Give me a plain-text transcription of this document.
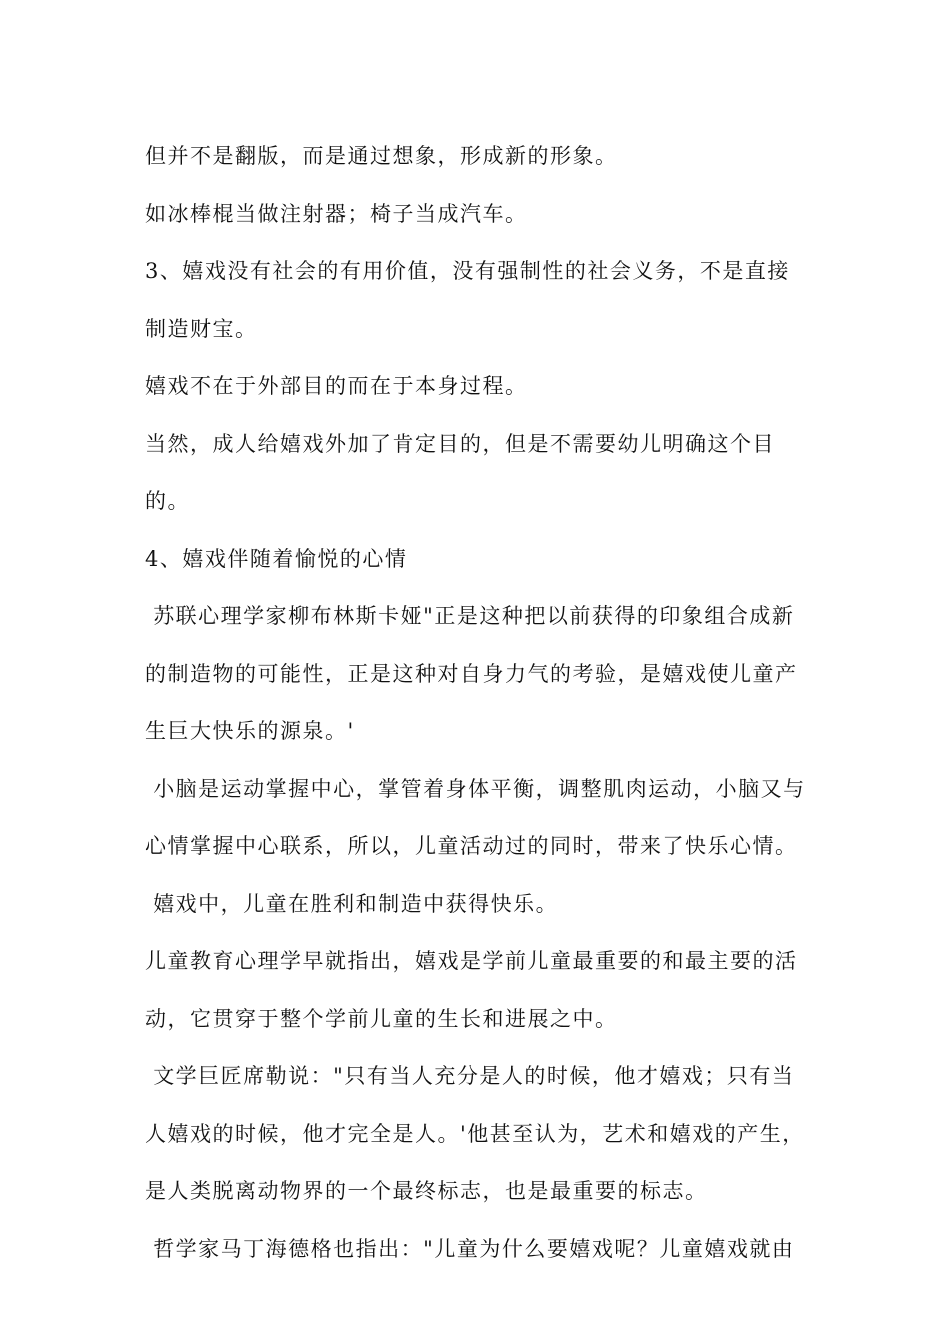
但并不是翻版，而是通过想象，形成新的形象。

如冰棒棍当做注射器；椅子当成汽车。

3、嬉戏没有社会的有用价值，没有强制性的社会义务，不是直接制造财宝。

嬉戏不在于外部目的而在于本身过程。

当然，成人给嬉戏外加了肯定目的，但是不需要幼儿明确这个目的。

4、嬉戏伴随着愉悦的心情

苏联心理学家柳布林斯卡娅"正是这种把以前获得的印象组合成新的制造物的可能性，正是这种对自身力气的考验，是嬉戏使儿童产生巨大快乐的源泉。'

小脑是运动掌握中心，掌管着身体平衡，调整肌肉运动，小脑又与心情掌握中心联系，所以，儿童活动过的同时，带来了快乐心情。

嬉戏中，儿童在胜利和制造中获得快乐。

儿童教育心理学早就指出，嬉戏是学前儿童最重要的和最主要的活动，它贯穿于整个学前儿童的生长和进展之中。

文学巨匠席勒说："只有当人充分是人的时候，他才嬉戏；只有当人嬉戏的时候，他才完全是人。'他甚至认为，艺术和嬉戏的产生，是人类脱离动物界的一个最终标志，也是最重要的标志。

哲学家马丁海德格也指出："儿童为什么要嬉戏呢？儿童嬉戏就由
